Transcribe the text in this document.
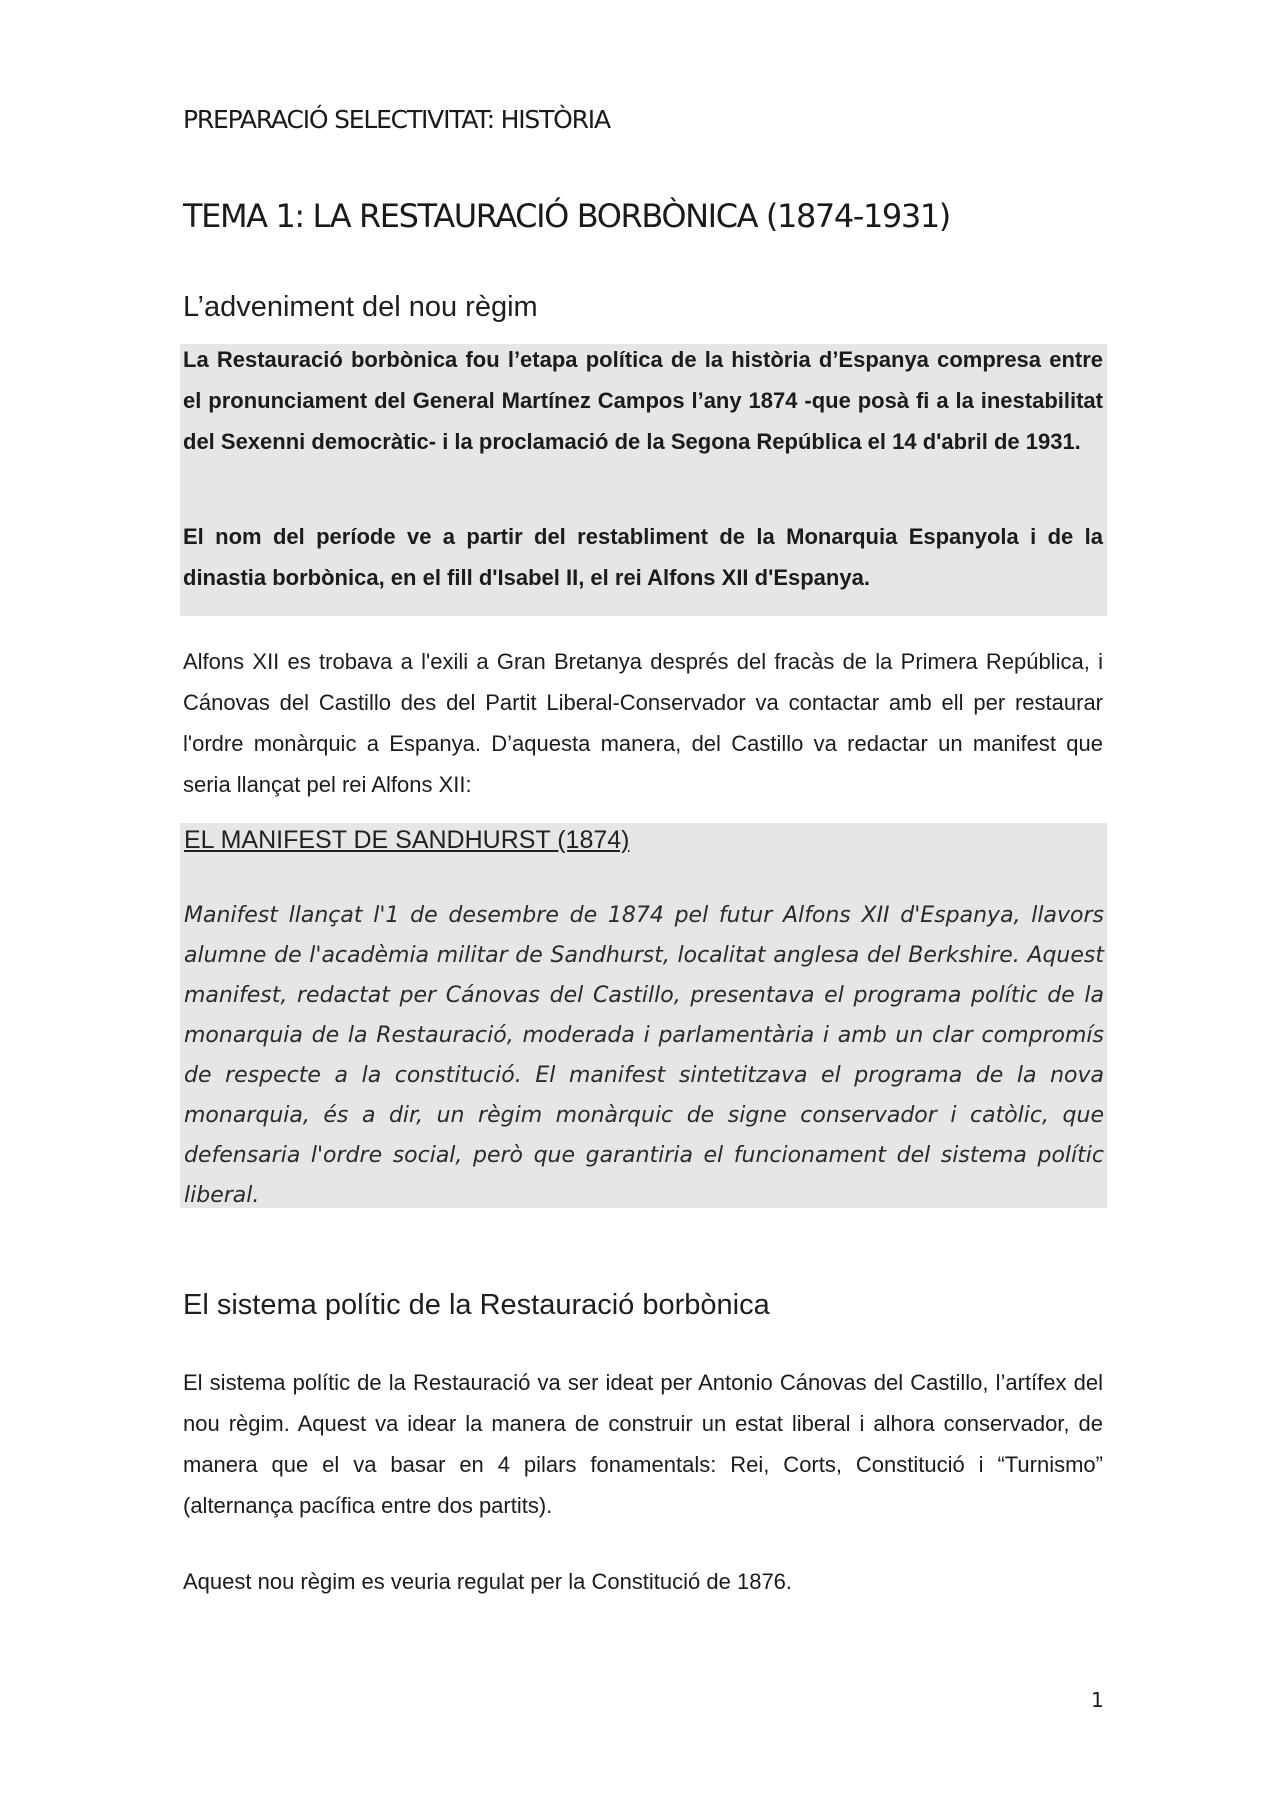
PREPARACIÓ SELECTIVITAT: HISTÒRIA
TEMA 1: LA RESTAURACIÓ BORBÒNICA (1874-1931)
L’adveniment del nou règim

La Restauració borbònica fou l’etapa política de la història d’Espanya compresa entre el pronunciament del General Martínez Campos l’any 1874 -que posà fi a la inestabilitat del Sexenni democràtic- i la proclamació de la Segona República el 14 d'abril de 1931.

El nom del període ve a partir del restabliment de la Monarquia Espanyola i de la dinastia borbònica, en el fill d'Isabel II, el rei Alfons XII d'Espanya.

Alfons XII es trobava a l'exili a Gran Bretanya després del fracàs de la Primera República, i Cánovas del Castillo des del Partit Liberal-Conservador va contactar amb ell per restaurar l'ordre monàrquic a Espanya. D’aquesta manera, del Castillo va redactar un manifest que seria llançat pel rei Alfons XII:

EL MANIFEST DE SANDHURST (1874)

Manifest llançat l'1 de desembre de 1874 pel futur Alfons XII d'Espanya, llavors alumne de l'acadèmia militar de Sandhurst, localitat anglesa del Berkshire. Aquest manifest, redactat per Cánovas del Castillo, presentava el programa polític de la monarquia de la Restauració, moderada i parlamentària i amb un clar compromís de respecte a la constitució. El manifest sintetitzava el programa de la nova monarquia, és a dir, un règim monàrquic de signe conservador i catòlic, que defensaria l'ordre social, però que garantiria el funcionament del sistema polític liberal.

El sistema polític de la Restauració borbònica

El sistema polític de la Restauració va ser ideat per Antonio Cánovas del Castillo, l’artífex del nou règim. Aquest va idear la manera de construir un estat liberal i alhora conservador, de manera que el va basar en 4 pilars fonamentals: Rei, Corts, Constitució i “Turnismo” (alternança pacífica entre dos partits).

Aquest nou règim es veuria regulat per la Constitució de 1876.

1
